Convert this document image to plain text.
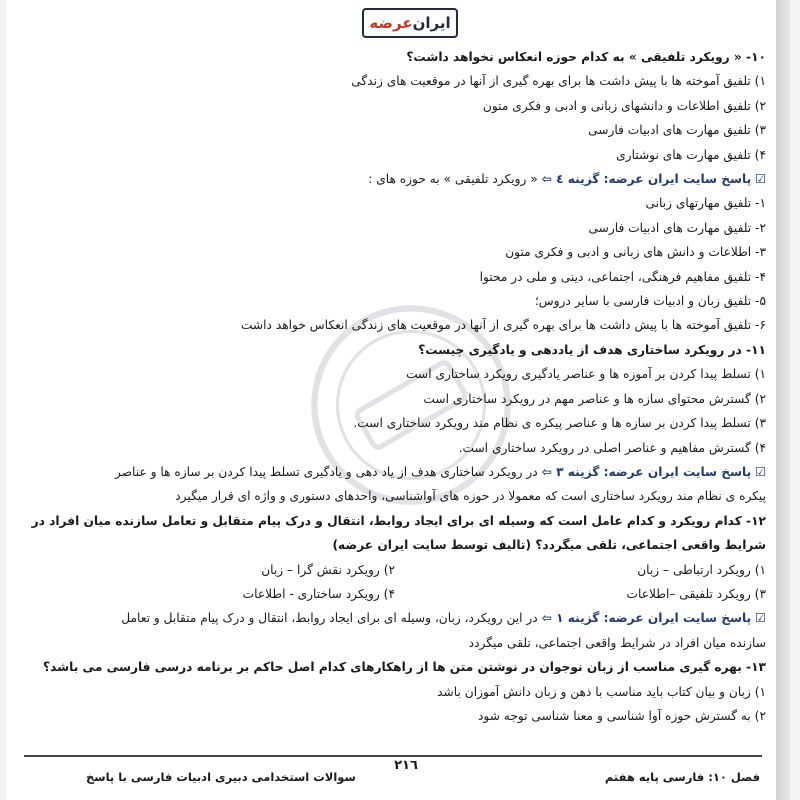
ایران
عرضه
۱۰- « رویکرد تلفیقی » به کدام حوزه انعکاس نخواهد داشت؟
۱) تلفیق آموخته ها با پیش داشت ها برای بهره گیری از آنها در موقعیت های زندگی
۲) تلفیق اطلاعات و دانشهای زبانی و ادبی و فکری متون
۳) تلفیق مهارت های ادبیات فارسی
۴) تلفیق مهارت های نوشتاری
☑ پاسخ سایت ایران عرضه: گزینه ٤ ⇦ « رویکرد تلفیقی » به حوزه های :
۱- تلفیق مهارتهای زبانی
۲- تلفیق مهارت های ادبیات فارسی
۳- اطلاعات و دانش های زبانی و ادبی و فکری متون
۴- تلفیق مفاهیم فرهنگی، اجتماعی، دینی و ملی در محتوا
۵- تلفیق زبان و ادبیات فارسی با سایر دروس؛
۶- تلفیق آموخته ها با پیش داشت ها برای بهره گیری از آنها در موقعیت های زندگی انعکاس خواهد داشت
۱۱- در رویکرد ساختاری هدف از یاددهی و یادگیری چیست؟
۱) تسلط پیدا کردن بر آموزه ها و عناصر یادگیری رویکرد ساختاری است
۲) گسترش محتوای سازه ها و عناصر مهم در رویکرد ساختاری است
۳) تسلط پیدا کردن بر سازه ها و عناصر پیکره ی نظام مند رویکرد ساختاری است.
۴) گسترش مفاهیم و عناصر اصلی در رویکرد ساختاری است.
☑ پاسخ سایت ایران عرضه: گزینه ۳ ⇦ در رویکرد ساختاری هدف از یاد دهی و یادگیری تسلط پیدا کردن بر سازه ها و عناصر
پیکره ی نظام مند رویکرد ساختاری است که معمولا در حوزه های آواشناسی، واحدهای دستوری و واژه ای قرار میگیرد
۱۲- کدام رویکرد و کدام عامل است که وسیله ای برای ایجاد روابط، انتقال و درک پیام متقابل و تعامل سازنده میان افراد در
شرایط واقعی اجتماعی، تلقی میگردد؟ (تالیف توسط سایت ایران عرضه)
۱) رویکرد ارتباطی – زبان
۲) رویکرد نقش گرا – زبان
۳) رویکرد تلفیقی –اطلاعات
۴) رویکرد ساختاری - اطلاعات
☑ پاسخ سایت ایران عرضه: گزینه ۱ ⇦ در این رویکرد، زبان، وسیله ای برای ایجاد روابط، انتقال و درک پیام متقابل و تعامل
سازنده میان افراد در شرایط واقعی اجتماعی، تلقی میگردد
۱۳- بهره گیری مناسب از زبان نوجوان در نوشتن متن ها از راهکارهای کدام اصل حاکم بر برنامه درسی فارسی می باشد؟
۱) زبان و بیان کتاب باید مناسب با ذهن و زبان دانش آموزان باشد
۲) به گسترش حوزه آوا شناسی و معنا شناسی توجه شود
٢١٦
فصل ١٠: فارسی پایه هفتم
سوالات استخدامی دبیری ادبیات فارسی با پاسخ
